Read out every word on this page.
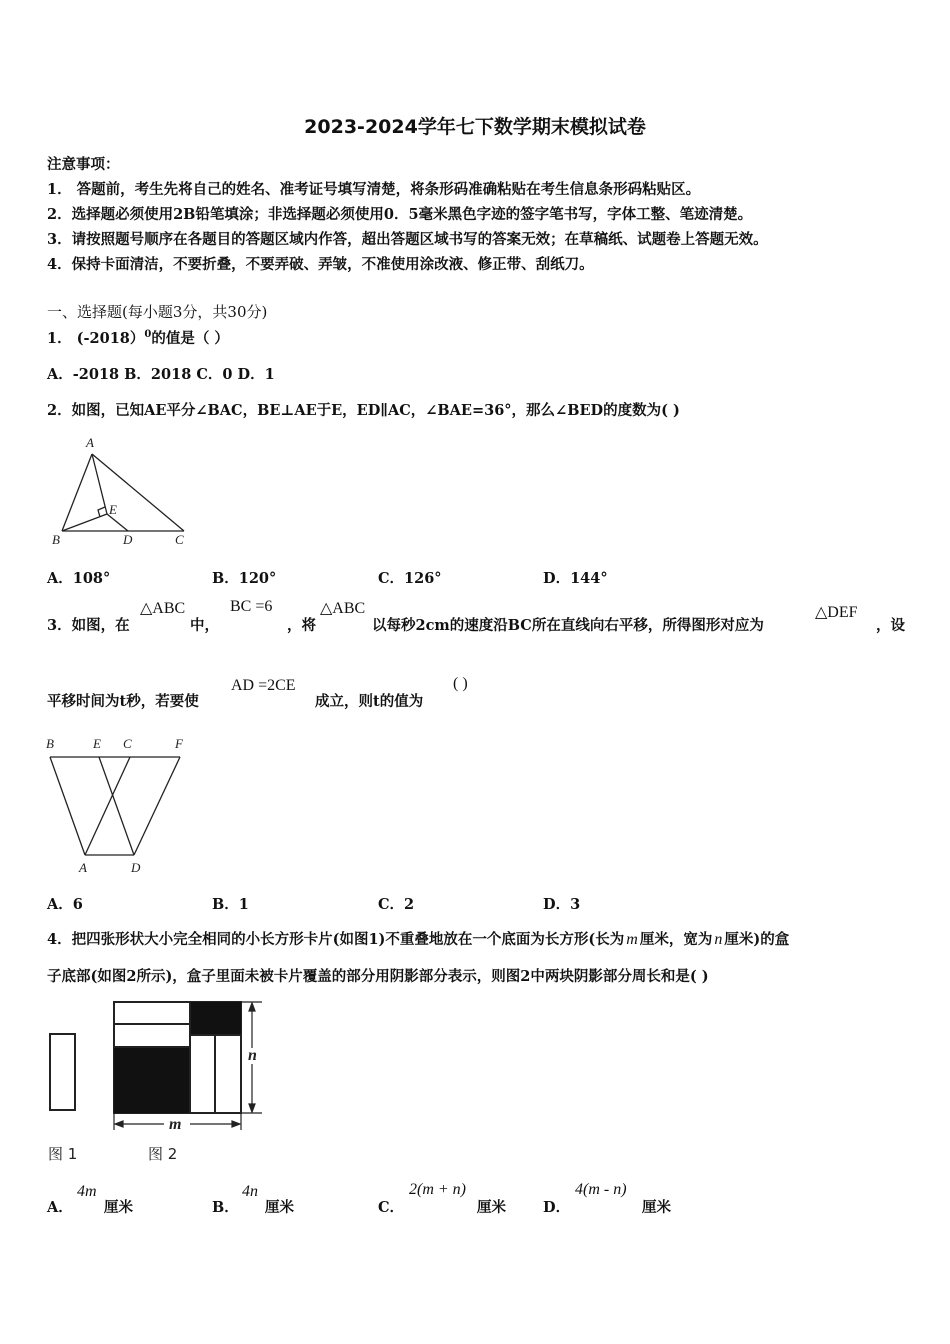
2023-2024学年七下数学期末模拟试卷
注意事项：
1． 答题前，考生先将自己的姓名、准考证号填写清楚，将条形码准确粘贴在考生信息条形码粘贴区。
2．选择题必须使用2B铅笔填涂；非选择题必须使用0．5毫米黑色字迹的签字笔书写，字体工整、笔迹清楚。
3．请按照题号顺序在各题目的答题区域内作答，超出答题区域书写的答案无效；在草稿纸、试题卷上答题无效。
4．保持卡面清洁，不要折叠，不要弄破、弄皱，不准使用涂改液、修正带、刮纸刀。
一、选择题(每小题3分，共30分)
1． (-2018）$^0$的值是（ ）
A．-2018 B．2018 C．0 D．1
2．如图，已知AE平分∠BAC，BE⊥AE于E，ED∥AC，∠BAE=36°，那么∠BED的度数为( )
A
E
B	D	C
A．108°	B．120°	C．126°	D．144°
3．如图，在
△ABC
中，
BC =6
，将
△ABC
以每秒2cm的速度沿BC所在直线向右平移，所得图形对应为
△DEF
，设
平移时间为t秒，若要使
AD =2CE
成立，则t的值为
( )
B	E C	F
A	D
A．6	B．1	C．2	D．3
4．把四张形状大小完全相同的小长方形卡片(如图1)不重叠地放在一个底面为长方形(长为 m 厘米，宽为 n 厘米)的盒
子底部(如图2所示)，盒子里面未被卡片覆盖的部分用阴影部分表示，则图2中两块阴影部分周长和是( )
n
m
图 1	图 2
A．
4m
厘米	B．
4n
厘米	C．
2(m + n)
厘米	D．
4(m - n)
厘米
